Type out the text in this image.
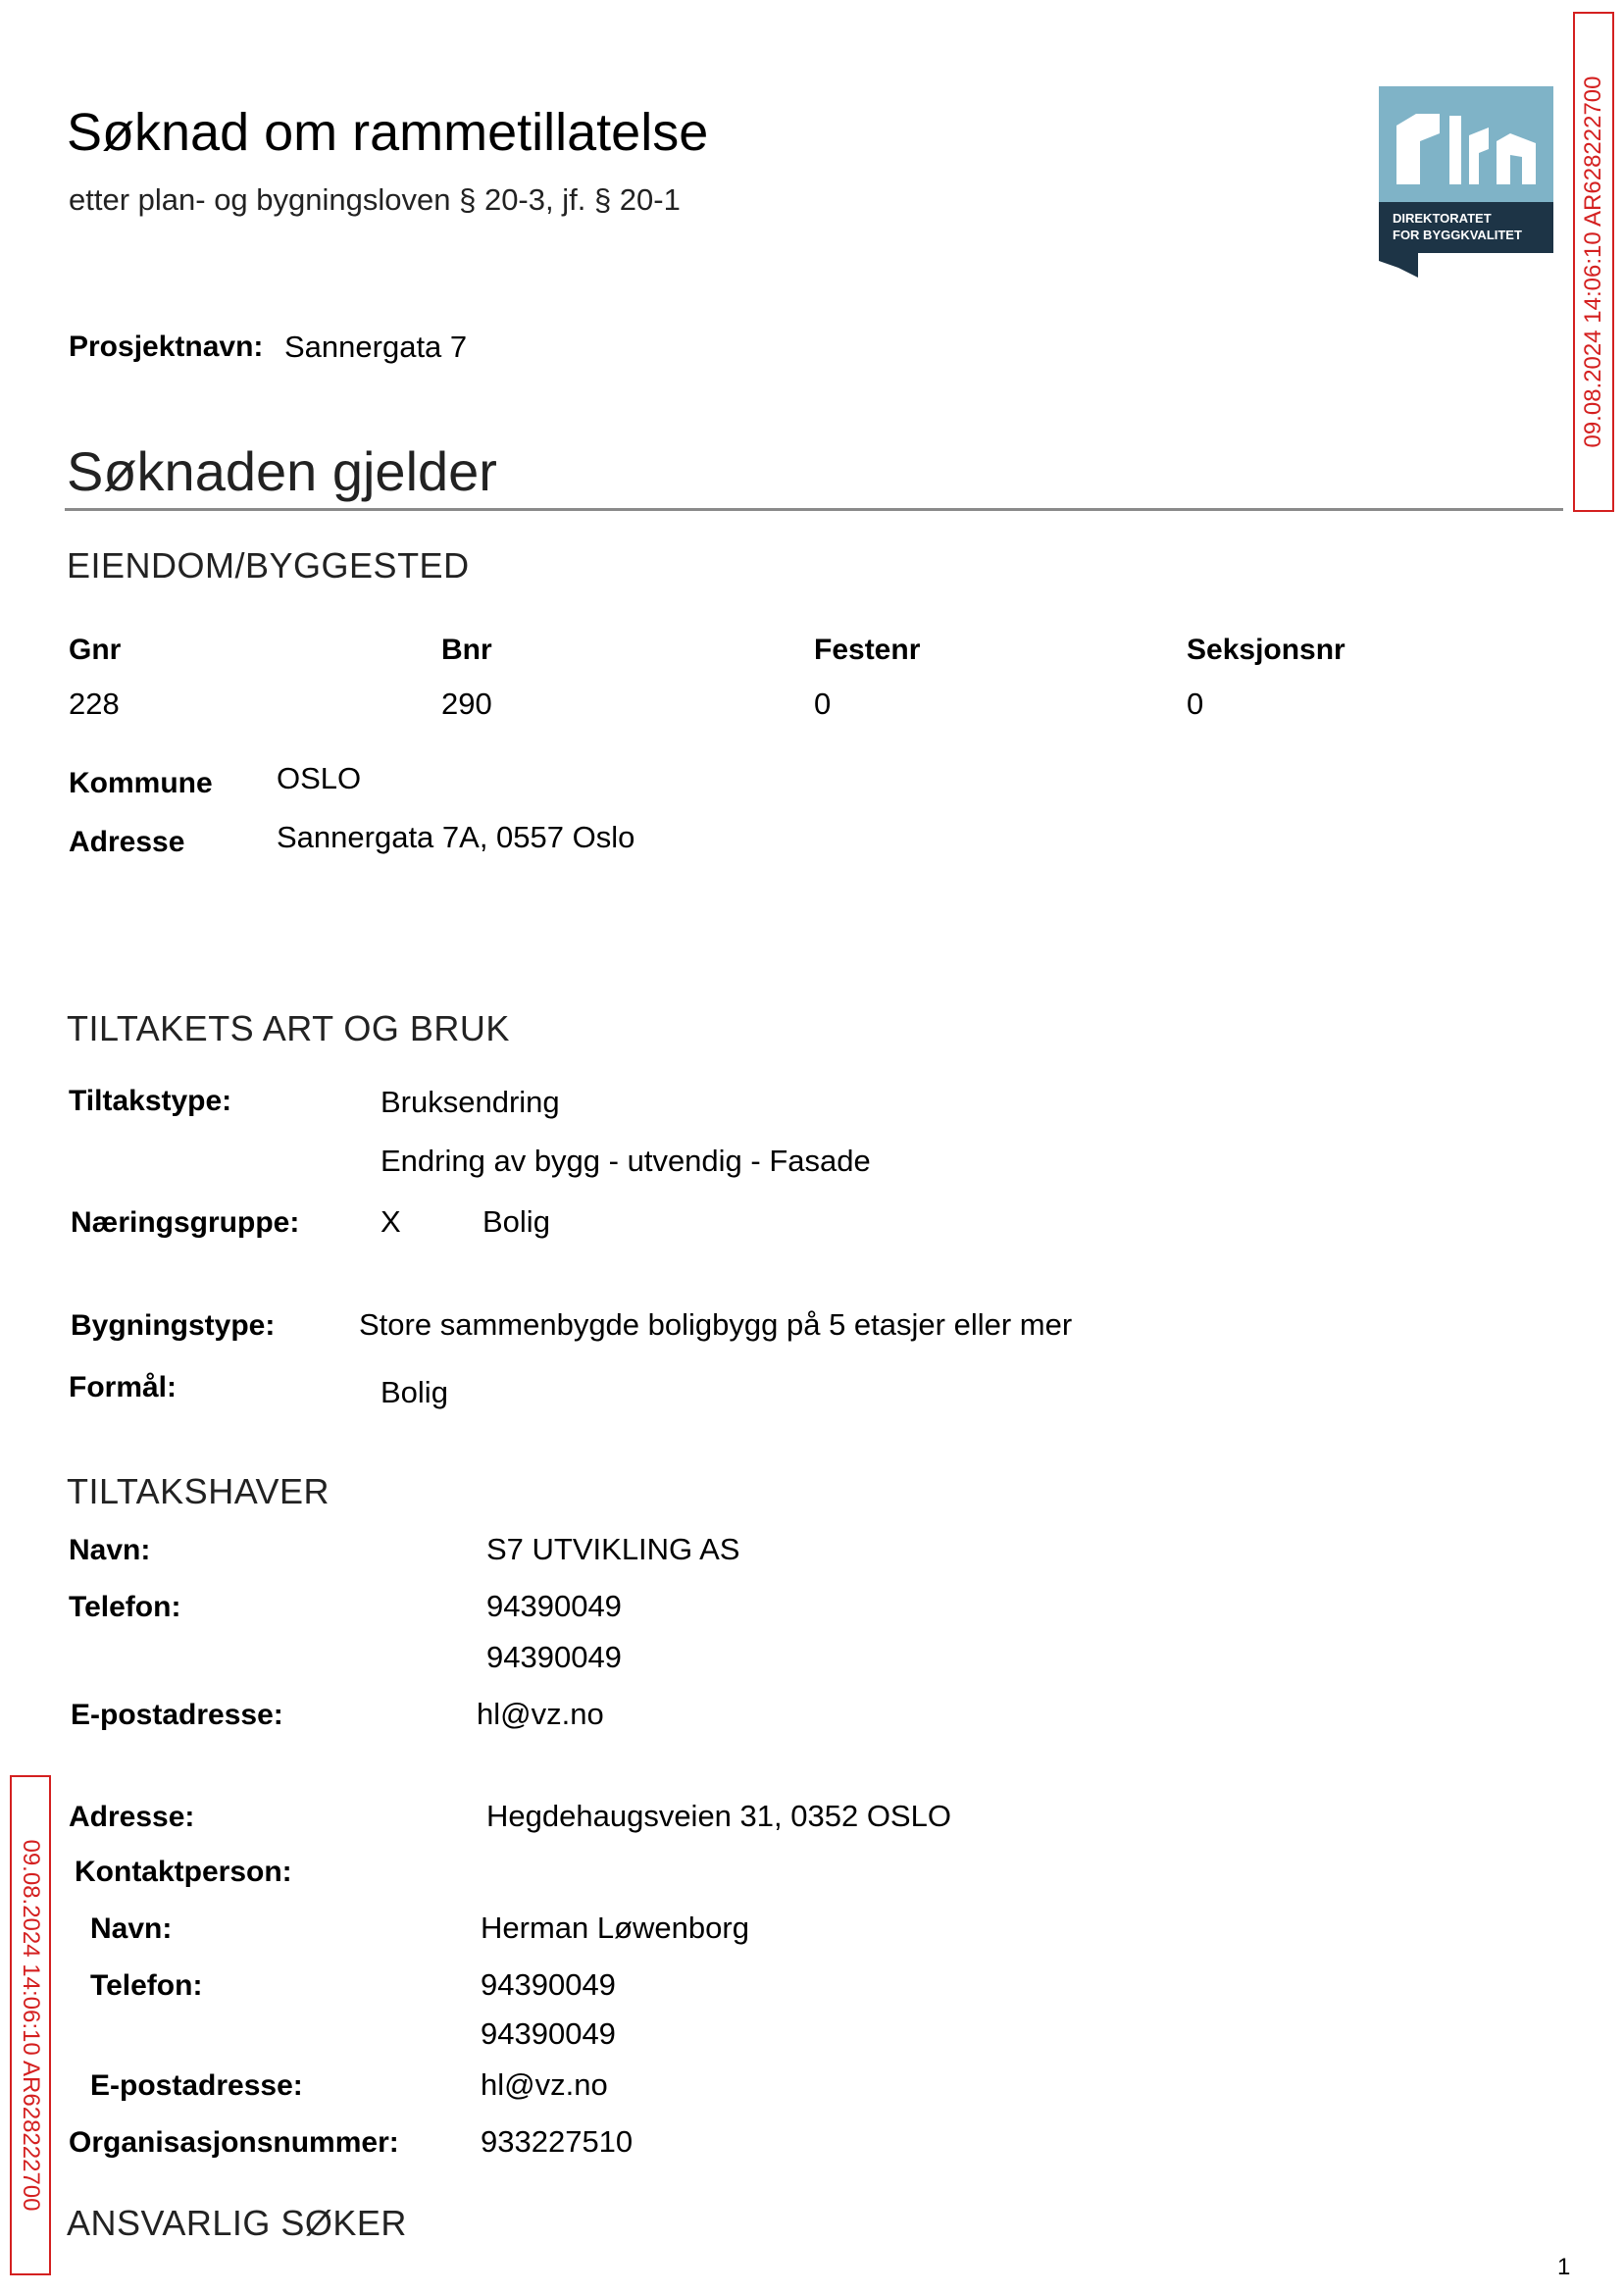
Søknad om rammetillatelse
etter plan- og bygningsloven § 20-3, jf. § 20-1
DIREKTORATET
FOR BYGGKVALITET 09.08.2024 14:06:10 AR628222700
09.08.2024 14:06:10 AR628222700
Prosjektnavn: Sannergata 7
Søknaden gjelder
EIENDOM/BYGGESTED
Gnr	Bnr	Festenr	Seksjonsnr
228	290	0	0
Kommune OSLO
Adresse	Sannergata 7A, 0557 Oslo
TILTAKETS ART OG BRUK
Tiltakstype:	Bruksendring
Endring av bygg - utvendig - Fasade
Næringsgruppe:	X	Bolig
Bygningstype:	Store sammenbygde boligbygg på 5 etasjer eller mer
Formål:	Bolig
TILTAKSHAVER
Navn:	S7 UTVIKLING AS
Telefon:	94390049
94390049
E-postadresse:	hl@vz.no
Adresse:	Hegdehaugsveien 31, 0352 OSLO
Kontaktperson:
Navn:	Herman Løwenborg
Telefon:	94390049
94390049
E-postadresse:	hl@vz.no
Organisasjonsnummer:	933227510
ANSVARLIG SØKER
1
